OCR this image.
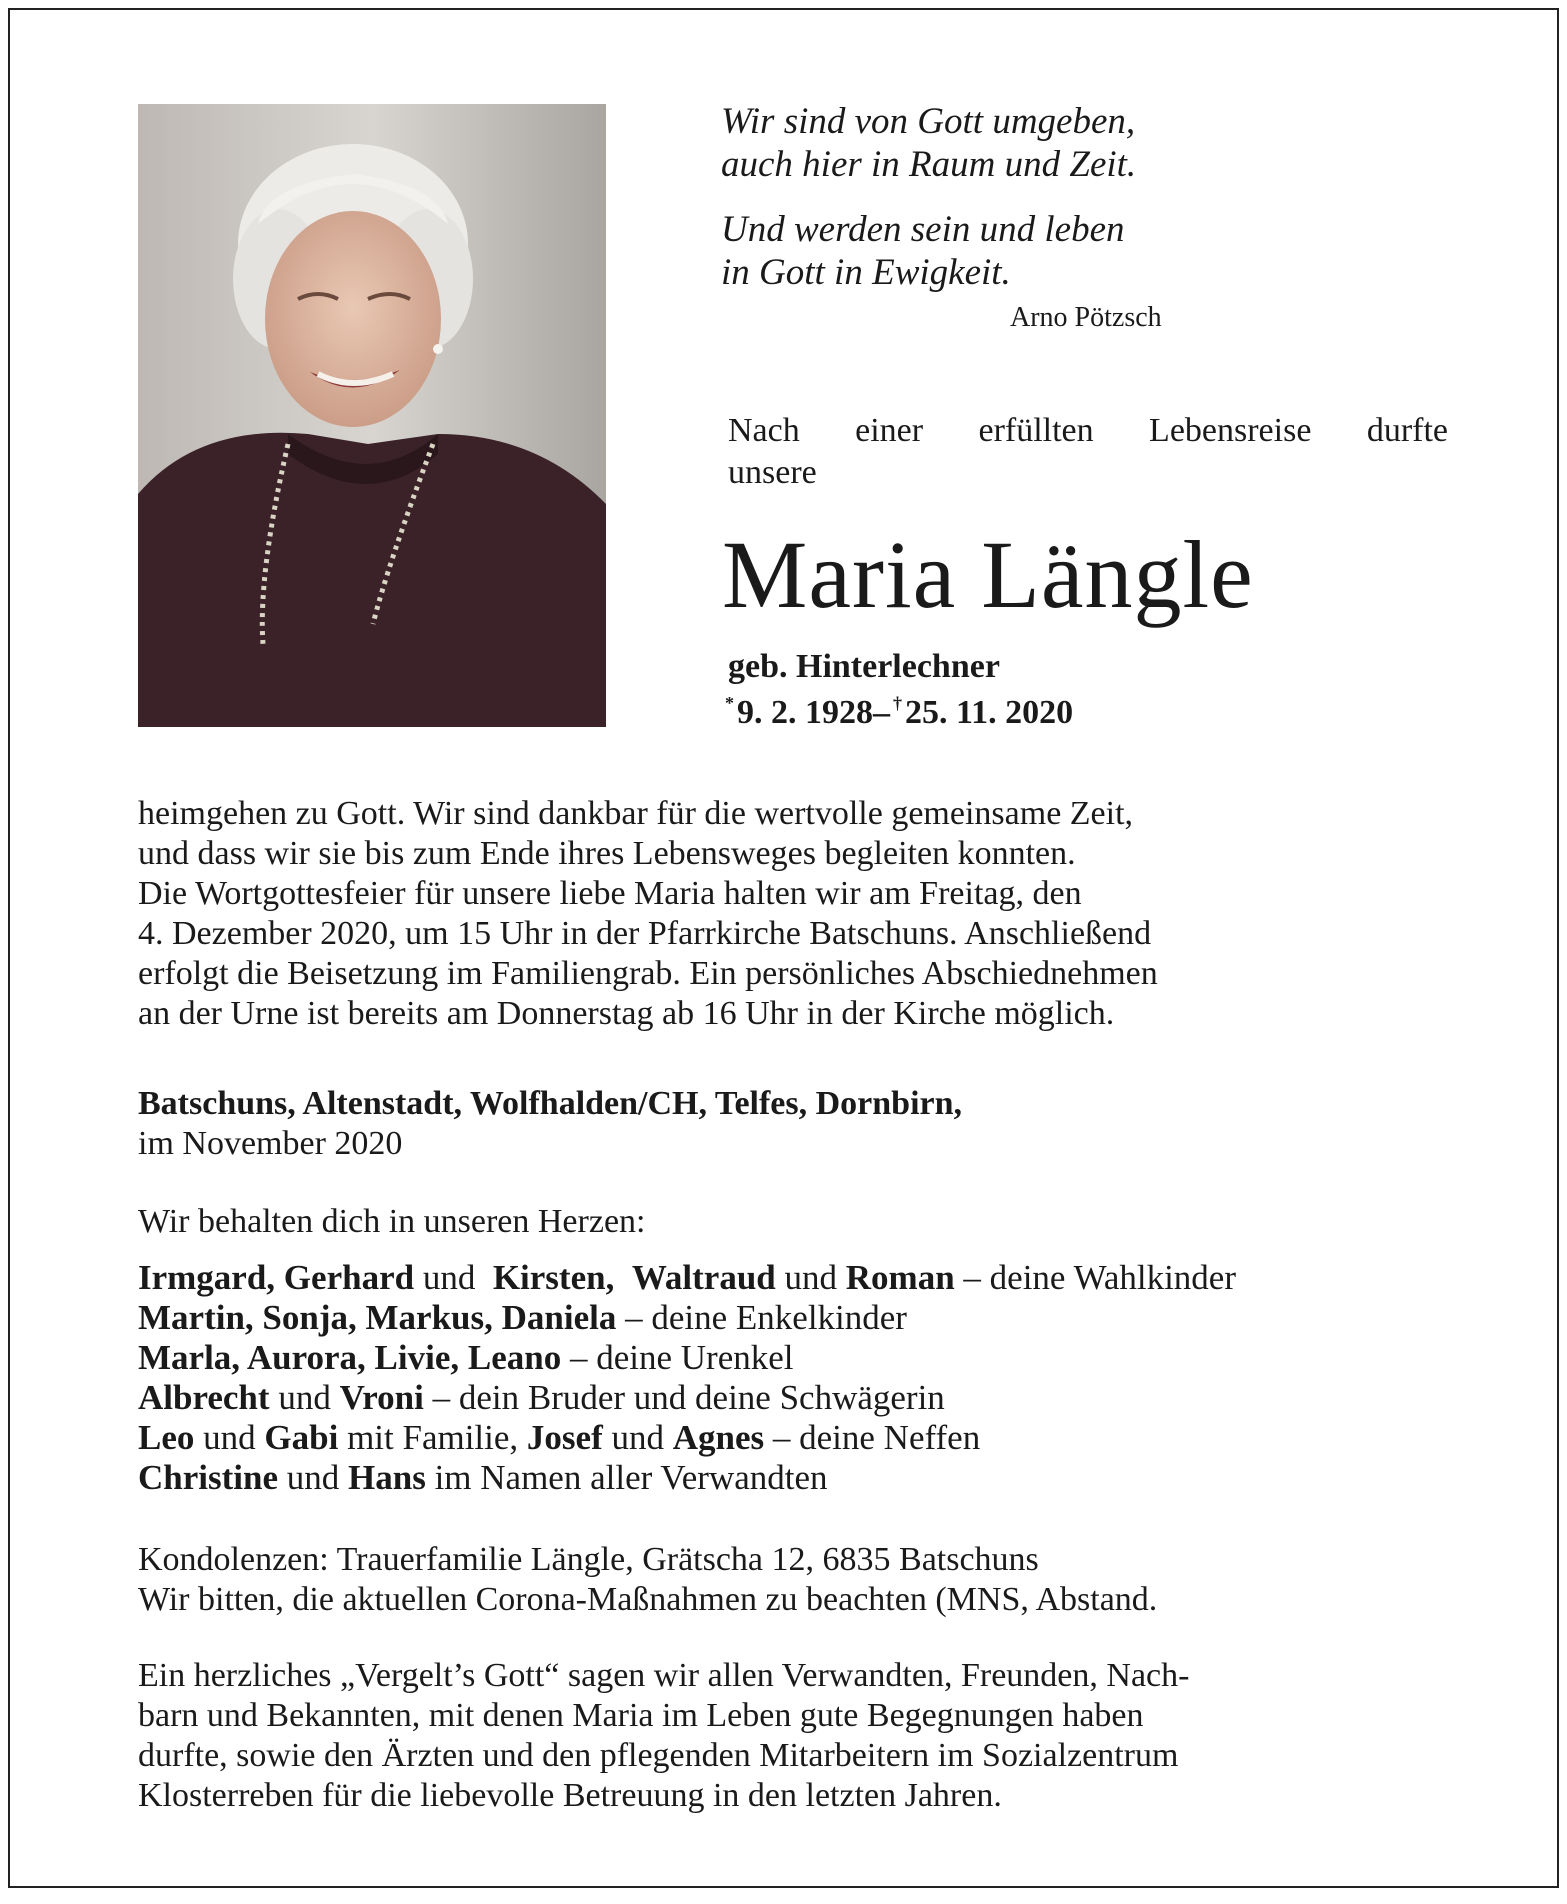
Wir sind von Gott umgeben,
auch hier in Raum und Zeit.
Und werden sein und leben
in Gott in Ewigkeit.
Arno Pötzsch
Nach einer erfüllten Lebensreise durfte
unsere
Maria Längle
geb. Hinterlechner
*9. 2. 1928– †25. 11. 2020
heimgehen zu Gott. Wir sind dankbar für die wertvolle gemeinsame Zeit,
und dass wir sie bis zum Ende ihres Lebensweges begleiten konnten.
Die Wortgottesfeier für unsere liebe Maria halten wir am Freitag, den
4. Dezember 2020, um 15 Uhr in der Pfarrkirche Batschuns. Anschließend
erfolgt die Beisetzung im Familiengrab. Ein persönliches Abschiednehmen
an der Urne ist bereits am Donnerstag ab 16 Uhr in der Kirche möglich.
Batschuns, Altenstadt, Wolfhalden/CH, Telfes, Dornbirn,
im November 2020
Wir behalten dich in unseren Herzen:
Irmgard, Gerhard und Kirsten, Waltraud und Roman – deine Wahlkinder
Martin, Sonja, Markus, Daniela – deine Enkelkinder
Marla, Aurora, Livie, Leano – deine Urenkel
Albrecht und Vroni – dein Bruder und deine Schwägerin
Leo und Gabi mit Familie, Josef und Agnes – deine Neffen
Christine und Hans im Namen aller Verwandten
Kondolenzen: Trauerfamilie Längle, Grätscha 12, 6835 Batschuns
Wir bitten, die aktuellen Corona-Maßnahmen zu beachten (MNS, Abstand.
Ein herzliches „Vergelt’s Gott“ sagen wir allen Verwandten, Freunden, Nach-
barn und Bekannten, mit denen Maria im Leben gute Begegnungen haben
durfte, sowie den Ärzten und den pflegenden Mitarbeitern im Sozialzentrum
Klosterreben für die liebevolle Betreuung in den letzten Jahren.
